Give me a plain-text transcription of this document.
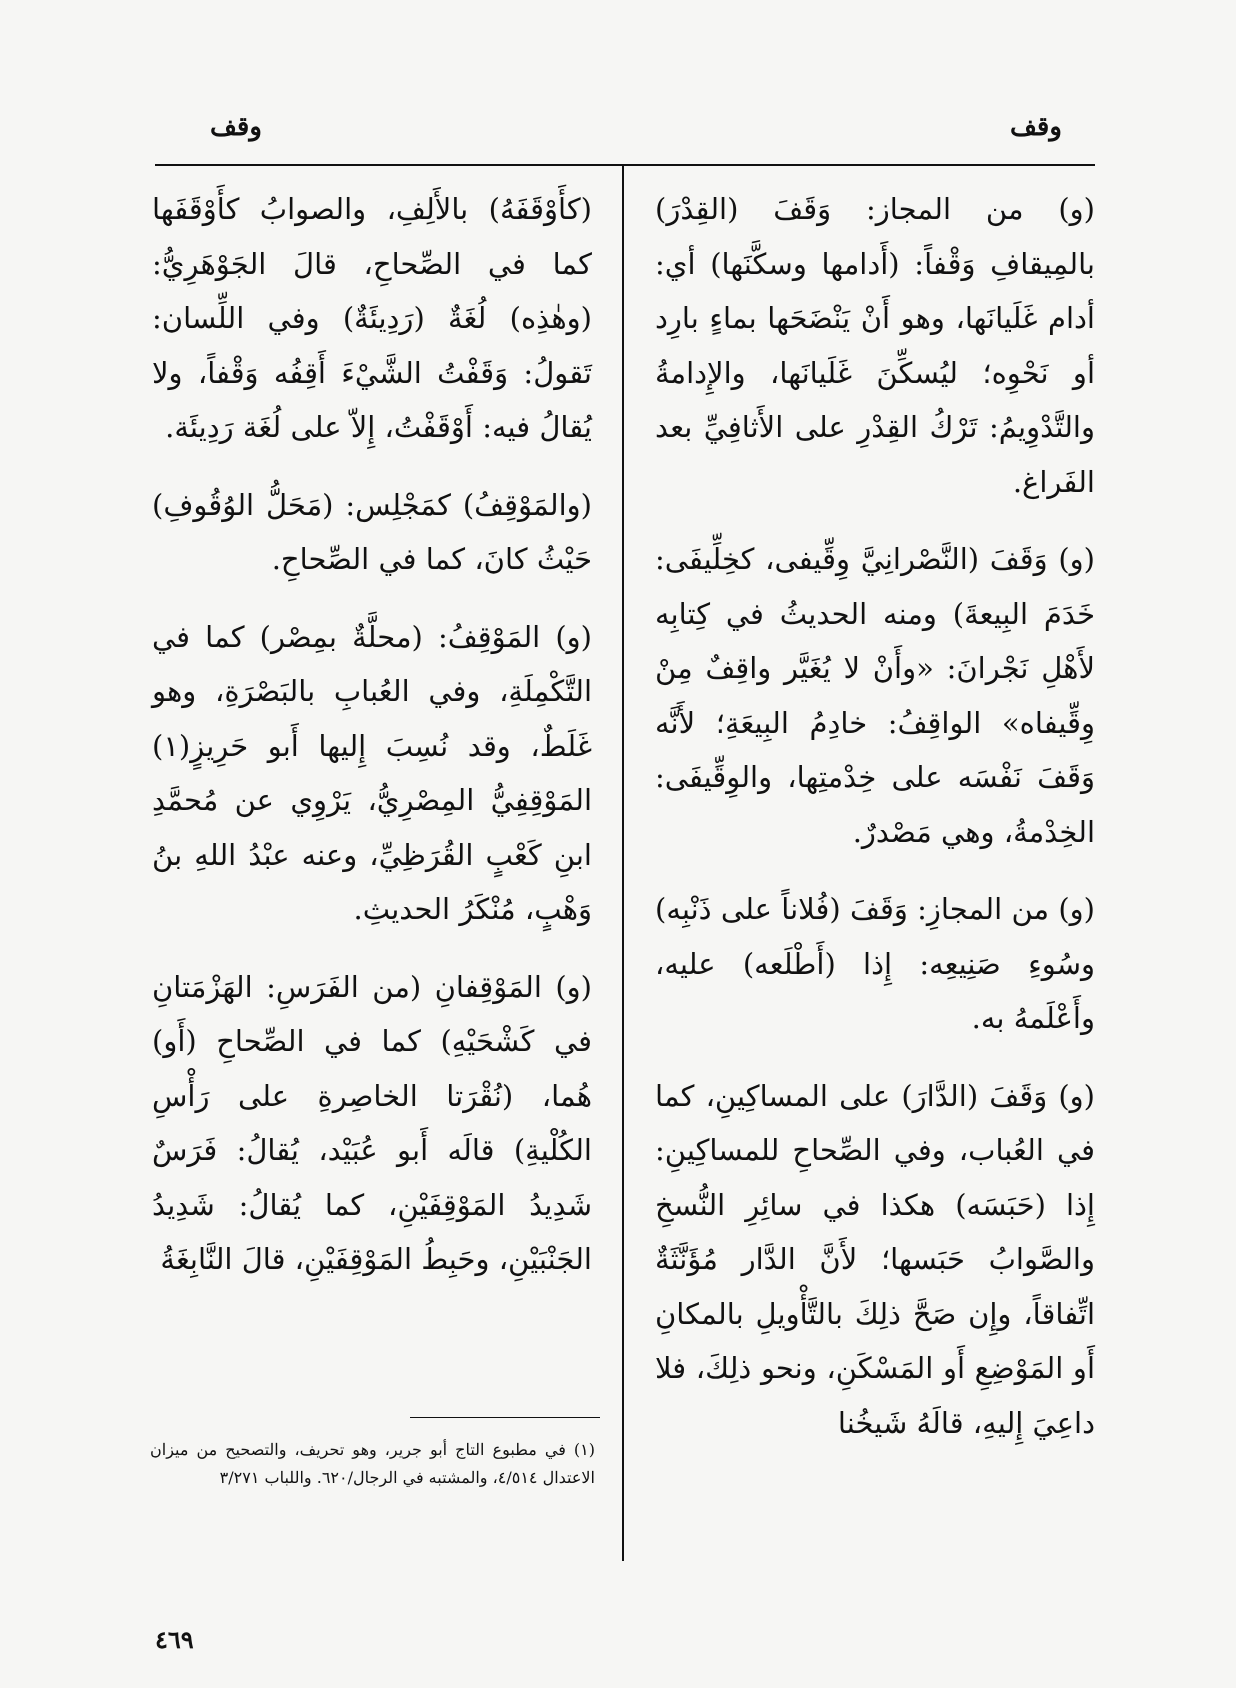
وقف
وقف

(و) من المجاز: وَقَفَ (القِدْرَ) بالمِيقافِ وَقْفاً: (أَدامها وسكَّنَها) أي: أدام غَلَيانَها، وهو أَنْ يَنْضَحَها بماءٍ بارِد أو نَحْوِه؛ ليُسكِّنَ غَلَيانَها، والإِدامةُ والتَّدْوِيمُ: تَرْكُ القِدْرِ على الأَثافِيِّ بعد الفَراغ.

(و) وَقَفَ (النَّصْرانِيَّ وِقِّيفى، كخِلِّيفَى: خَدَمَ البِيعةَ) ومنه الحديثُ في كِتابِه لأَهْلِ نَجْرانَ: «وأَنْ لا يُغَيَّر واقِفٌ مِنْ وِقِّيفاه» الواقِفُ: خادِمُ البِيعَةِ؛ لأَنَّه وَقَفَ نَفْسَه على خِدْمتِها، والوِقِّيفَى: الخِدْمةُ، وهي مَصْدرٌ.

(و) من المجازِ: وَقَفَ (فُلاناً على ذَنْبِه) وسُوءِ صَنِيعِه: إِذا (أَطْلَعه) عليه، وأَعْلَمهُ به.

(و) وَقَفَ (الدَّارَ) على المساكِينِ، كما في العُباب، وفي الصِّحاحِ للمساكِينِ: إِذا (حَبَسَه) هكذا في سائِرِ النُّسخِ والصَّوابُ حَبَسها؛ لأَنَّ الدَّار مُؤَنَّثَةٌ اتِّفاقاً، وإِن صَحَّ ذلِكَ بالتَّأْويلِ بالمكانِ أَو المَوْضِعِ أَو المَسْكَنِ، ونحو ذلِكَ، فلا داعِيَ إِليهِ، قالَهُ شَيخُنا

(كأَوْقَفَهُ) بالأَلِفِ، والصوابُ كأَوْقَفَها كما في الصِّحاحِ، قالَ الجَوْهَرِيُّ: (وهٰذِه) لُغَةٌ (رَدِيئَةٌ) وفي اللِّسان: تَقولُ: وَقَفْتُ الشَّيْءَ أَقِفُه وَقْفاً، ولا يُقالُ فيه: أَوْقَفْتُ، إِلاّ على لُغَة رَدِيئَة.

(والمَوْقِفُ) كمَجْلِس: (مَحَلُّ الوُقُوفِ) حَيْثُ كانَ، كما في الصِّحاحِ.

(و) المَوْقِفُ: (محلَّةٌ بمِصْر) كما في التَّكْمِلَةِ، وفي العُبابِ بالبَصْرَةِ، وهو غَلَطٌ، وقد نُسِبَ إِليها أَبو حَرِيزٍ(١) المَوْقِفِيُّ المِصْرِيُّ، يَرْوِي عن مُحمَّدِ ابنِ كَعْبٍ القُرَظِيِّ، وعنه عبْدُ اللهِ بنُ وَهْبٍ، مُنْكَرُ الحديثِ.

(و) المَوْقِفانِ (من الفَرَسِ: الهَزْمَتانِ في كَشْحَيْهِ) كما في الصِّحاحِ (أَو) هُما، (نُقْرَتا الخاصِرةِ على رَأْسِ الكُلْيةِ) قالَه أَبو عُبَيْد، يُقالُ: فَرَسٌ شَدِيدُ المَوْقِفَيْنِ، كما يُقالُ: شَدِيدُ الجَنْبَيْنِ، وحَبِطُ المَوْقِفَيْنِ، قالَ النَّابِغَةُ

(١) في مطبوع التاج أبو جرير، وهو تحريف، والتصحيح من ميزان الاعتدال ٤/٥١٤، والمشتبه في الرجال/٦٢٠. واللباب ٣/٢٧١
٤٦٩
